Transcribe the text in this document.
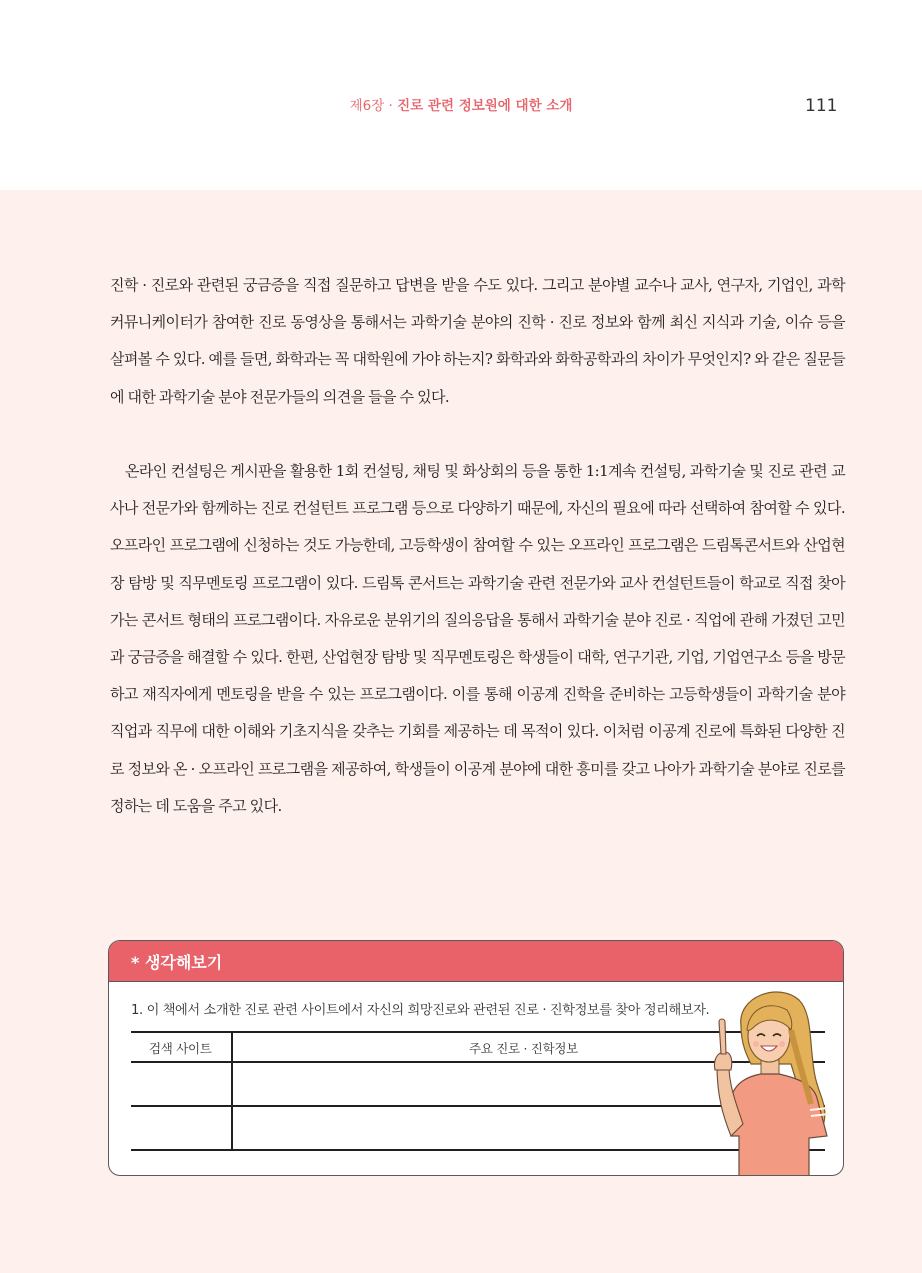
제6장 · 진로 관련 정보원에 대한 소개	111

진학 · 진로와 관련된 궁금증을 직접 질문하고 답변을 받을 수도 있다. 그리고 분야별 교수나 교사, 연구자, 기업인, 과학커뮤니케이터가 참여한 진로 동영상을 통해서는 과학기술 분야의 진학 · 진로 정보와 함께 최신 지식과 기술, 이슈 등을 살펴볼 수 있다. 예를 들면, 화학과는 꼭 대학원에 가야 하는지? 화학과와 화학공학과의 차이가 무엇인지? 와 같은 질문들에 대한 과학기술 분야 전문가들의 의견을 들을 수 있다.

온라인 컨설팅은 게시판을 활용한 1회 컨설팅, 채팅 및 화상회의 등을 통한 1:1계속 컨설팅, 과학기술 및 진로 관련 교사나 전문가와 함께하는 진로 컨설턴트 프로그램 등으로 다양하기 때문에, 자신의 필요에 따라 선택하여 참여할 수 있다. 오프라인 프로그램에 신청하는 것도 가능한데, 고등학생이 참여할 수 있는 오프라인 프로그램은 드림톡콘서트와 산업현장 탐방 및 직무멘토링 프로그램이 있다. 드림톡 콘서트는 과학기술 관련 전문가와 교사 컨설턴트들이 학교로 직접 찾아가는 콘서트 형태의 프로그램이다. 자유로운 분위기의 질의응답을 통해서 과학기술 분야 진로 · 직업에 관해 가졌던 고민과 궁금증을 해결할 수 있다. 한편, 산업현장 탐방 및 직무멘토링은 학생들이 대학, 연구기관, 기업, 기업연구소 등을 방문하고 재직자에게 멘토링을 받을 수 있는 프로그램이다. 이를 통해 이공계 진학을 준비하는 고등학생들이 과학기술 분야 직업과 직무에 대한 이해와 기초지식을 갖추는 기회를 제공하는 데 목적이 있다. 이처럼 이공계 진로에 특화된 다양한 진로 정보와 온 · 오프라인 프로그램을 제공하여, 학생들이 이공계 분야에 대한 흥미를 갖고 나아가 과학기술 분야로 진로를 정하는 데 도움을 주고 있다.

* 생각해보기
1. 이 책에서 소개한 진로 관련 사이트에서 자신의 희망진로와 관련된 진로 · 진학정보를 찾아 정리해보자.
검색 사이트	주요 진로 · 진학정보
